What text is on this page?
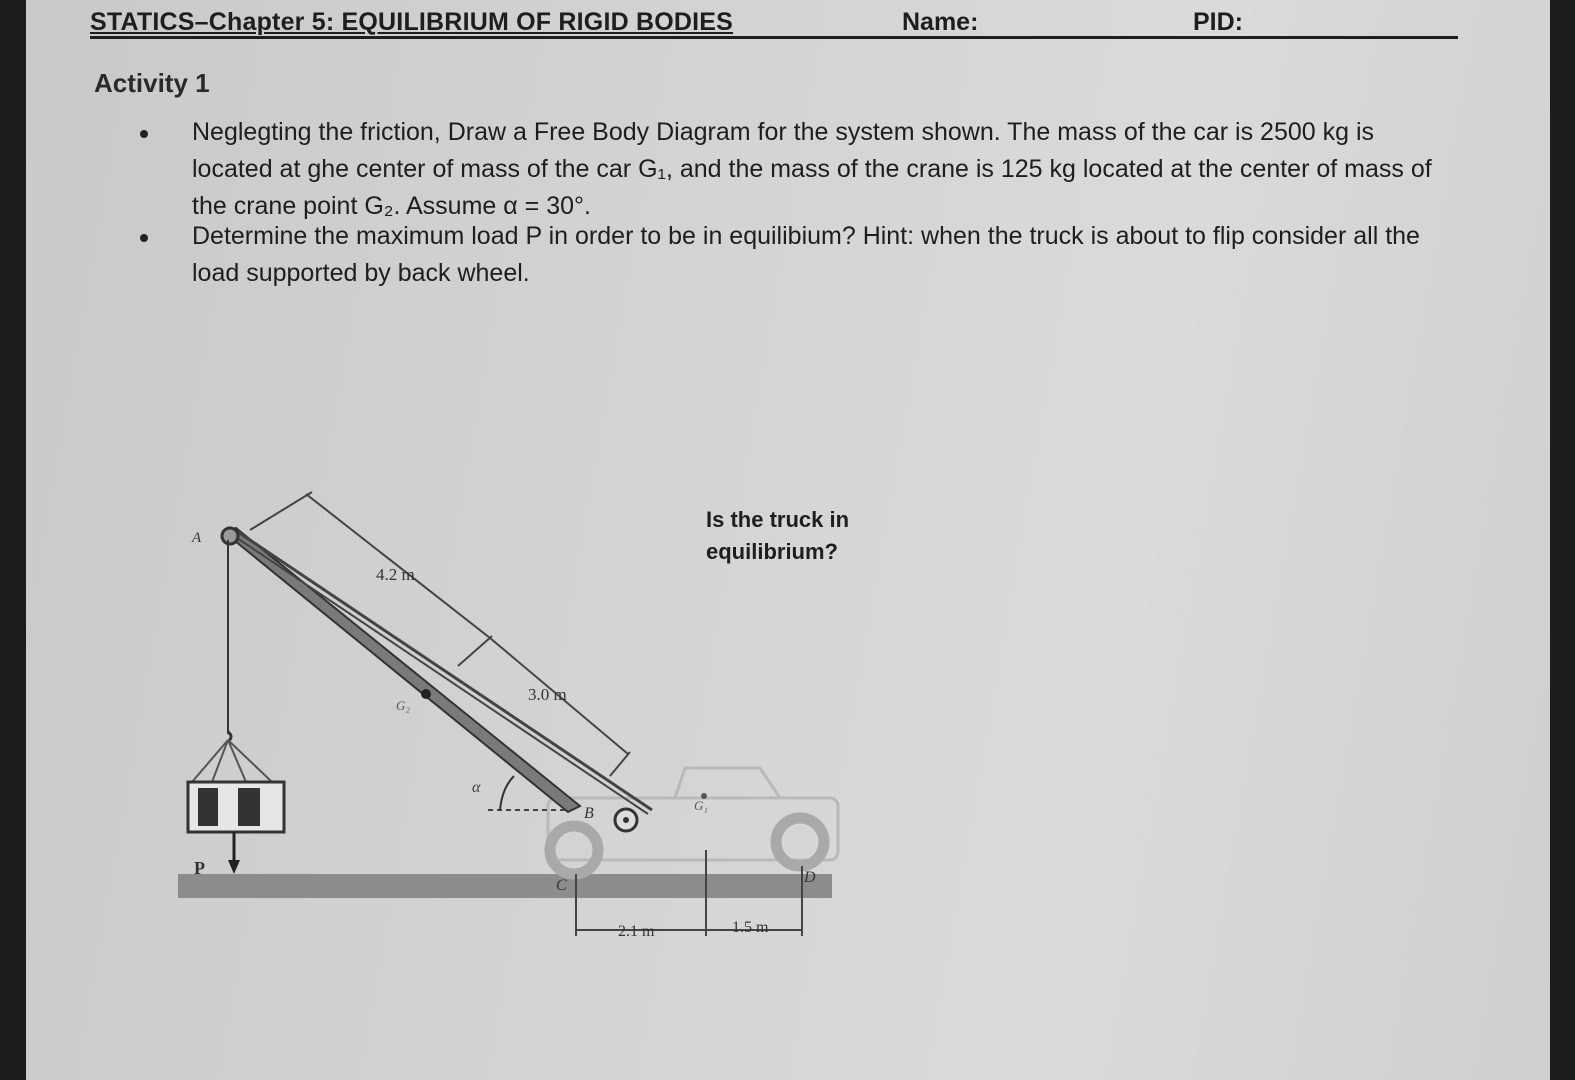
STATICS–Chapter 5: EQUILIBRIUM OF RIGID BODIES	Name:	PID:
Activity 1
Neglegting the friction, Draw a Free Body Diagram for the system shown. The mass of the car is 2500 kg is located at ghe center of mass of the car G₁, and the mass of the crane is 125 kg located at the center of mass of the crane point G₂. Assume α = 30°.
Determine the maximum load P in order to be in equilibium? Hint: when the truck is about to flip consider all the load supported by back wheel.
A
B
C	D
P
G₁
G₂
α
4.2 m
3.0 m
2.1 m	1.5 m
Is the truck in
equilibrium?
